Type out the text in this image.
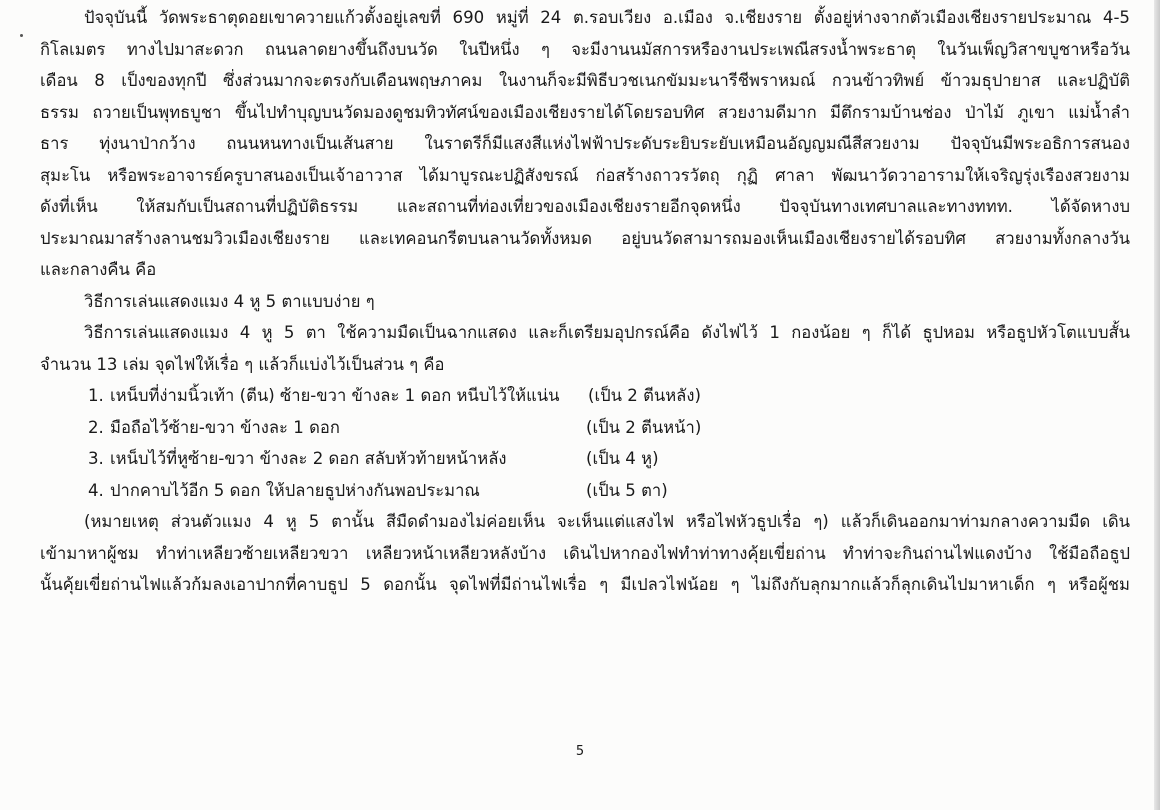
ปัจจุบันนี้ วัดพระธาตุดอยเขาควายแก้วตั้งอยู่เลขที่ 690 หมู่ที่ 24 ต.รอบเวียง อ.เมือง จ.เชียงราย ตั้งอยู่ห่างจากตัวเมืองเชียงรายประมาณ 4-5
กิโลเมตร ทางไปมาสะดวก ถนนลาดยางขึ้นถึงบนวัด ในปีหนึ่ง ๆ จะมีงานนมัสการหรืองานประเพณีสรงน้ำพระธาตุ ในวันเพ็ญวิสาขบูชาหรือวัน
เดือน 8 เป็งของทุกปี ซึ่งส่วนมากจะตรงกับเดือนพฤษภาคม ในงานก็จะมีพิธีบวชเนกขัมมะนารีชีพราหมณ์ กวนข้าวทิพย์ ข้าวมธุปายาส และปฏิบัติ
ธรรม ถวายเป็นพุทธบูชา ขึ้นไปทำบุญบนวัดมองดูชมทิวทัศน์ของเมืองเชียงรายได้โดยรอบทิศ สวยงามดีมาก มีตึกรามบ้านช่อง ป่าไม้ ภูเขา แม่น้ำลำ
ธาร ทุ่งนาป่ากว้าง ถนนหนทางเป็นเส้นสาย ในราตรีก็มีแสงสีแห่งไฟฟ้าประดับระยิบระยับเหมือนอัญญมณีสีสวยงาม ปัจจุบันมีพระอธิการสนอง
สุมะโน หรือพระอาจารย์ครูบาสนองเป็นเจ้าอาวาส ได้มาบูรณะปฏิสังขรณ์ ก่อสร้างถาวรวัตถุ กุฏิ ศาลา พัฒนาวัดวาอารามให้เจริญรุ่งเรืองสวยงาม
ดังที่เห็น ให้สมกับเป็นสถานที่ปฏิบัติธรรม และสถานที่ท่องเที่ยวของเมืองเชียงรายอีกจุดหนึ่ง ปัจจุบันทางเทศบาลและทางททท. ได้จัดหางบ
ประมาณมาสร้างลานชมวิวเมืองเชียงราย และเทคอนกรีตบนลานวัดทั้งหมด อยู่บนวัดสามารถมองเห็นเมืองเชียงรายได้รอบทิศ สวยงามทั้งกลางวัน
และกลางคืน คือ
วิธีการเล่นแสดงแมง 4 หู 5 ตาแบบง่าย ๆ
วิธีการเล่นแสดงแมง 4 หู 5 ตา ใช้ความมืดเป็นฉากแสดง และก็เตรียมอุปกรณ์คือ ดังไฟไว้ 1 กองน้อย ๆ ก็ได้ ธูปหอม หรือธูปหัวโตแบบสั้น
จำนวน 13 เล่ม จุดไฟให้เรื่อ ๆ แล้วก็แบ่งไว้เป็นส่วน ๆ คือ
1. เหน็บที่ง่ามนิ้วเท้า (ตีน) ซ้าย-ขวา ข้างละ 1 ดอก หนีบไว้ให้แน่น (เป็น 2 ตีนหลัง)
2. มือถือไว้ซ้าย-ขวา ข้างละ 1 ดอก	(เป็น 2 ตีนหน้า)
3. เหน็บไว้ที่หูซ้าย-ขวา ข้างละ 2 ดอก สลับหัวท้ายหน้าหลัง	(เป็น 4 หู)
4. ปากคาบไว้อีก 5 ดอก ให้ปลายธูปห่างกันพอประมาณ	(เป็น 5 ตา)
(หมายเหตุ ส่วนตัวแมง 4 หู 5 ตานั้น สีมืดดำมองไม่ค่อยเห็น จะเห็นแต่แสงไฟ หรือไฟหัวธูปเรื่อ ๆ) แล้วก็เดินออกมาท่ามกลางความมืด เดิน
เข้ามาหาผู้ชม ทำท่าเหลียวซ้ายเหลียวขวา เหลียวหน้าเหลียวหลังบ้าง เดินไปหากองไฟทำท่าทางคุ้ยเขี่ยถ่าน ทำท่าจะกินถ่านไฟแดงบ้าง ใช้มือถือธูป
นั้นคุ้ยเขี่ยถ่านไฟแล้วก้มลงเอาปากที่คาบธูป 5 ดอกนั้น จุดไฟที่มีถ่านไฟเรื่อ ๆ มีเปลวไฟน้อย ๆ ไม่ถึงกับลุกมากแล้วก็ลุกเดินไปมาหาเด็ก ๆ หรือผู้ชม
5
